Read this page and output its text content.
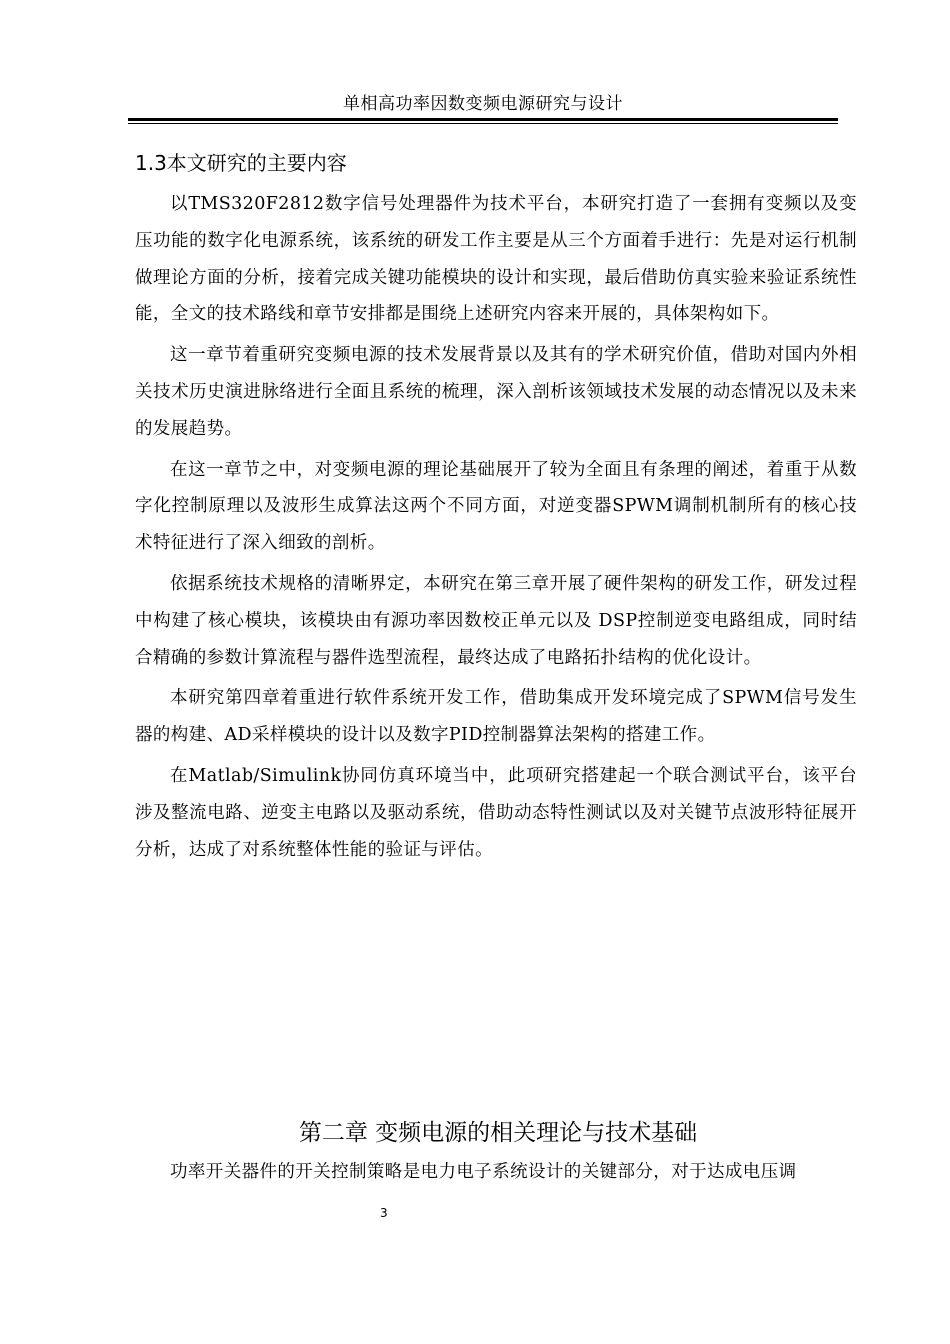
单相高功率因数变频电源研究与设计
1.3本文研究的主要内容

以TMS320F2812数字信号处理器件为技术平台，本研究打造了一套拥有变频以及变压功能的数字化电源系统，该系统的研发工作主要是从三个方面着手进行：先是对运行机制做理论方面的分析，接着完成关键功能模块的设计和实现，最后借助仿真实验来验证系统性能，全文的技术路线和章节安排都是围绕上述研究内容来开展的，具体架构如下。

这一章节着重研究变频电源的技术发展背景以及其有的学术研究价值，借助对国内外相关技术历史演进脉络进行全面且系统的梳理，深入剖析该领域技术发展的动态情况以及未来的发展趋势。

在这一章节之中，对变频电源的理论基础展开了较为全面且有条理的阐述，着重于从数字化控制原理以及波形生成算法这两个不同方面，对逆变器SPWM调制机制所有的核心技术特征进行了深入细致的剖析。

依据系统技术规格的清晰界定，本研究在第三章开展了硬件架构的研发工作，研发过程中构建了核心模块，该模块由有源功率因数校正单元以及 DSP控制逆变电路组成，同时结合精确的参数计算流程与器件选型流程，最终达成了电路拓扑结构的优化设计。

本研究第四章着重进行软件系统开发工作，借助集成开发环境完成了SPWM信号发生器的构建、AD采样模块的设计以及数字PID控制器算法架构的搭建工作。

在Matlab/Simulink协同仿真环境当中，此项研究搭建起一个联合测试平台，该平台涉及整流电路、逆变主电路以及驱动系统，借助动态特性测试以及对关键节点波形特征展开分析，达成了对系统整体性能的验证与评估。

第二章 变频电源的相关理论与技术基础

功率开关器件的开关控制策略是电力电子系统设计的关键部分，对于达成电压调

3
